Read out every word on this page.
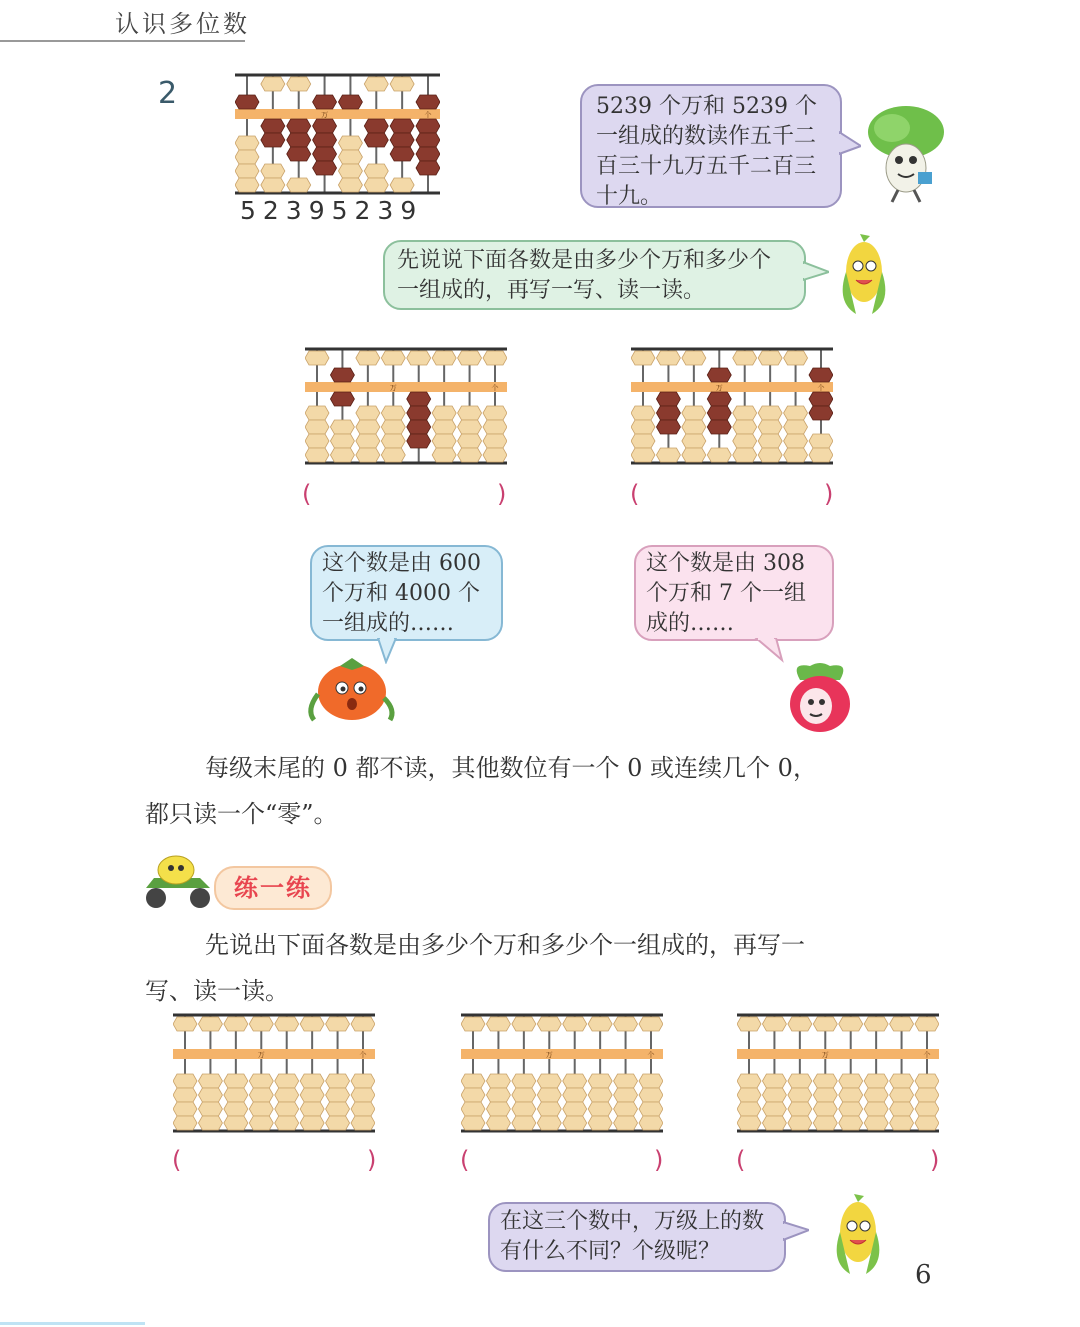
认识多位数
2
万	个
52395239
5239 个万和 5239 个一组成的数读作五千二百三十九万五千二百三十九。
先说说下面各数是由多少个万和多少个一组成的，再写一写、读一读。
万	个
(	)
万	个
(	)
这个数是由 600 个万和 4000 个一组成的……
这个数是由 308 个万和 7 个一组成的……
每级末尾的 0 都不读，其他数位有一个 0 或连续几个 0，
都只读一个“零”。
练一练
先说出下面各数是由多少个万和多少个一组成的，再写一
写、读一读。
万	个
(	)
万	个
(	)
万	个
(	)
在这三个数中，万级上的数有什么不同？个级呢？
6
